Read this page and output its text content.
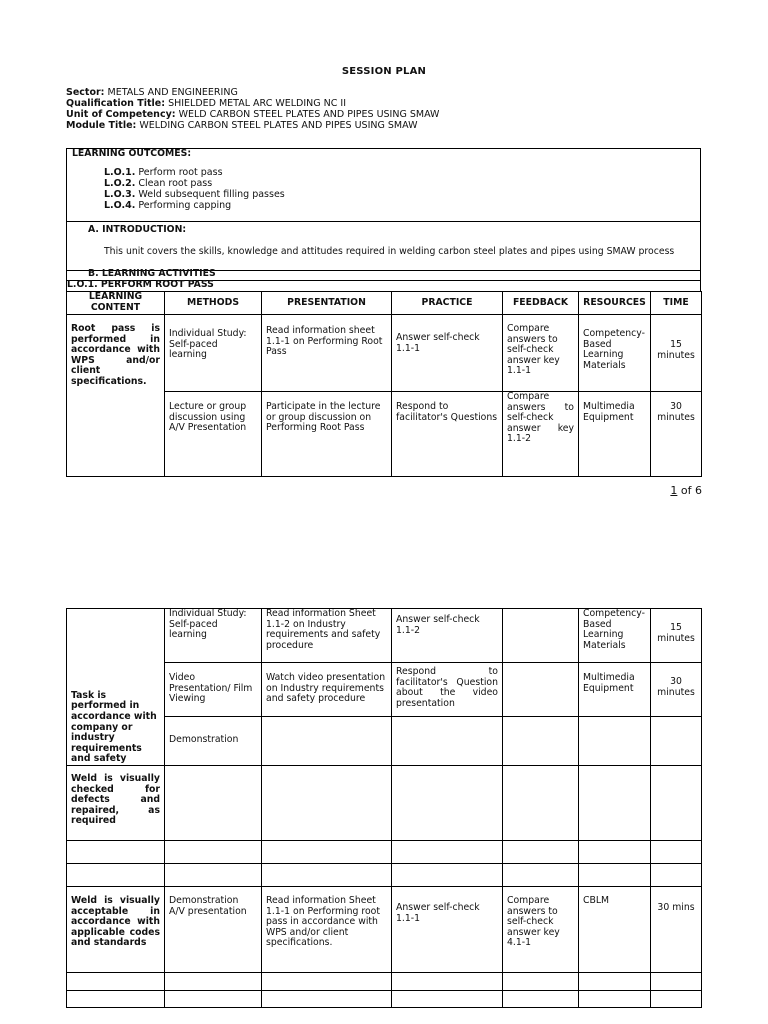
SESSION PLAN
Sector: METALS AND ENGINEERING
Qualification Title: SHIELDED METAL ARC WELDING NC II
Unit of Competency: WELD CARBON STEEL PLATES AND PIPES USING SMAW
Module Title: WELDING CARBON STEEL PLATES AND PIPES USING SMAW
LEARNING OUTCOMES:
L.O.1. Perform root pass
L.O.2. Clean root pass
L.O.3. Weld subsequent filling passes
L.O.4. Performing capping
A. INTRODUCTION:
This unit covers the skills, knowledge and attitudes required in welding carbon steel plates and pipes using SMAW process
B. LEARNING ACTIVITIES
L.O.1. PERFORM ROOT PASS
LEARNING CONTENT	METHODS	PRESENTATION	PRACTICE	FEEDBACK	RESOURCES	TIME
Root pass is performed in accordance with WPS and/or client specifications.	Individual Study: Self-paced learning	Read information sheet 1.1-1 on Performing Root Pass	Answer self-check 1.1-1	Compare answers to self-check answer key 1.1-1	Competency-Based Learning Materials	15 minutes
	Lecture or group discussion using A/V Presentation	Participate in the lecture or group discussion on Performing Root Pass	Respond to facilitator's Questions	Compare answers to self-check answer key 1.1-2	Multimedia Equipment	30 minutes
1 of 6
Task is performed in accordance with company or industry requirements and safety	Individual Study: Self-paced learning	Read information Sheet 1.1-2 on Industry requirements and safety procedure	Answer self-check 1.1-2		Competency-Based Learning Materials	15 minutes
	Video Presentation/ Film Viewing	Watch video presentation on Industry requirements and safety procedure	Respond to facilitator's Question about the video presentation		Multimedia Equipment	30 minutes
	Demonstration					
Weld is visually checked for defects and repaired, as required						

Weld is visually acceptable in accordance with applicable codes and standards	Demonstration A/V presentation	Read information Sheet 1.1-1 on Performing root pass in accordance with WPS and/or client specifications.	Answer self-check 1.1-1	Compare answers to self-check answer key 4.1-1	CBLM	30 mins
